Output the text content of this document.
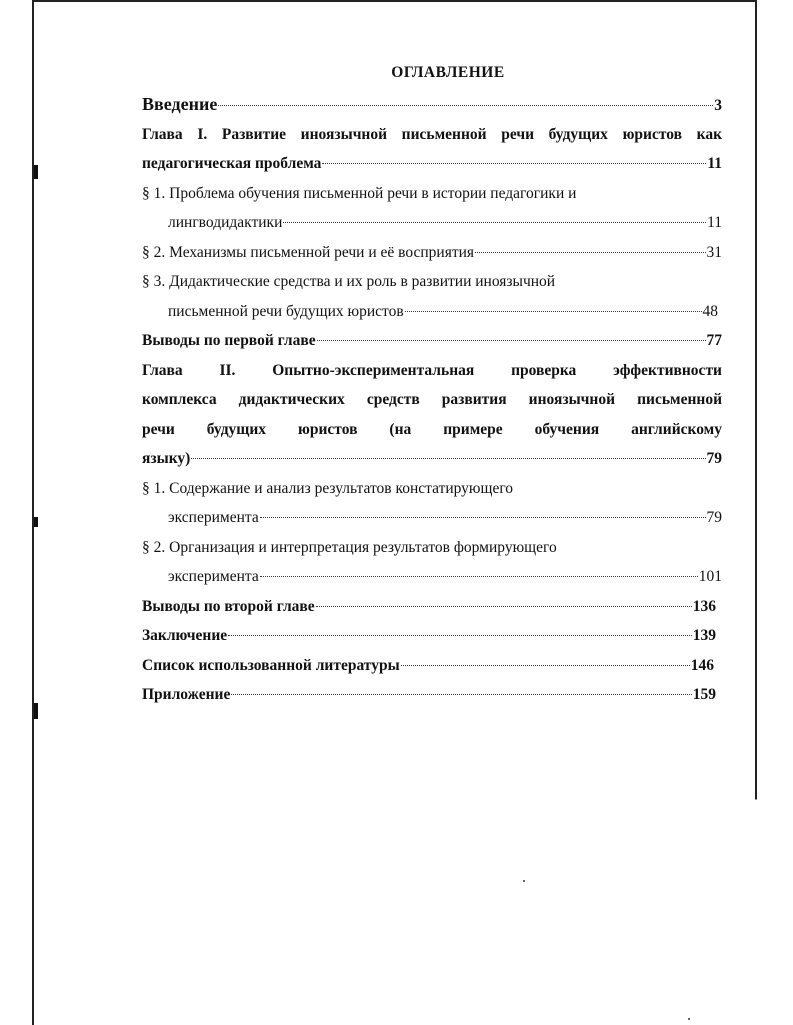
ОГЛАВЛЕНИЕ
Введение	3
Глава I. Развитие иноязычной письменной речи будущих юристов как
педагогическая проблема	11
§ 1. Проблема обучения письменной речи в истории педагогики и
лингводидактики	11
§ 2. Механизмы письменной речи и её восприятия	31
§ 3. Дидактические средства и их роль в развитии иноязычной
письменной речи будущих юристов	48
Выводы по первой главе	77
Глава II. Опытно-экспериментальная проверка эффективности
комплекса дидактических средств развития иноязычной письменной
речи будущих юристов (на примере обучения английскому
языку)	79
§ 1. Содержание и анализ результатов констатирующего
эксперимента	79
§ 2. Организация и интерпретация результатов формирующего
эксперимента	101
Выводы по второй главе	136
Заключение	139
Список использованной литературы	146
Приложение	159
